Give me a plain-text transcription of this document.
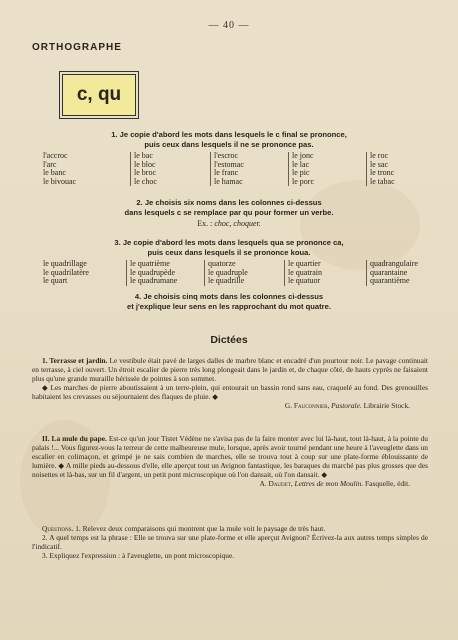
— 40 —
ORTHOGRAPHE
c, qu

1. Je copie d'abord les mots dans lesquels le c final se prononce,

puis ceux dans lesquels il ne se prononce pas.

l'accroc
l'arc
le banc
le bivouac
le bac
le bloc
le broc
le choc
l'escroc
l'estomac
le franc
le hamac
le jonc
le lac
le pic
le porc
le roc
le sac
le tronc
le tabac

2. Je choisis six noms dans les colonnes ci-dessus

dans lesquels c se remplace par qu pour former un verbe.

Ex. : choc, choquer.

3. Je copie d'abord les mots dans lesquels qua se prononce ca,

puis ceux dans lesquels il se prononce koua.

le quadrillage
le quadrilatère
le quart
le quatrième
le quadrupède
le quadrumane
quatorze
le quadruple
le quadrille
le quartier
le quatrain
le quatuor
quadrangulaire
quarantaine
quarantième

4. Je choisis cinq mots dans les colonnes ci-dessus

et j'explique leur sens en les rapprochant du mot quatre.

Dictées

1. Terrasse et jardin. Le vestibule était pavé de larges dalles de marbre blanc et encadré d'un pourtour noir. Le pavage continuait en terrasse, à ciel ouvert. Un étroit escalier de pierre très long plongeait dans le jardin et, de chaque côté, de hauts cyprès ne faisaient plus qu'une grande muraille hérissée de pointes à son sommet.

◆ Les marches de pierre aboutissaient à un terre-plein, qui entourait un bassin rond sans eau, craquelé au fond. Des grenouilles habitaient les crevasses ou séjournaient des flaques de pluie. ◆

G. Fauconnier, Pastorale. Librairie Stock.

II. La mule du pape. Est-ce qu'un jour Tistet Védène ne s'avisa pas de la faire monter avec lui là-haut, tout là-haut, à la pointe du palais !... Vous figurez-vous la terreur de cette malheureuse mule, lorsque, après avoir tourné pendant une heure à l'aveuglette dans un escalier en colimaçon, et grimpé je ne sais combien de marches, elle se trouva tout à coup sur une plate-forme éblouissante de lumière. ◆ A mille pieds au-dessous d'elle, elle aperçut tout un Avignon fantastique, les baraques du marché pas plus grosses que des noisettes et là-bas, sur un fil d'argent, un petit pont microscopique où l'on dansait, où l'on dansait. ◆

A. Daudet, Lettres de mon Moulin. Fasquelle, édit.

Questions. 1. Relevez deux comparaisons qui montrent que la mule voit le paysage de très haut.

2. A quel temps est la phrase : Elle se trouva sur une plate-forme et elle aperçut Avignon? Écrivez-la aux autres temps simples de l'indicatif.

3. Expliquez l'expression : à l'aveuglette, un pont microscopique.
